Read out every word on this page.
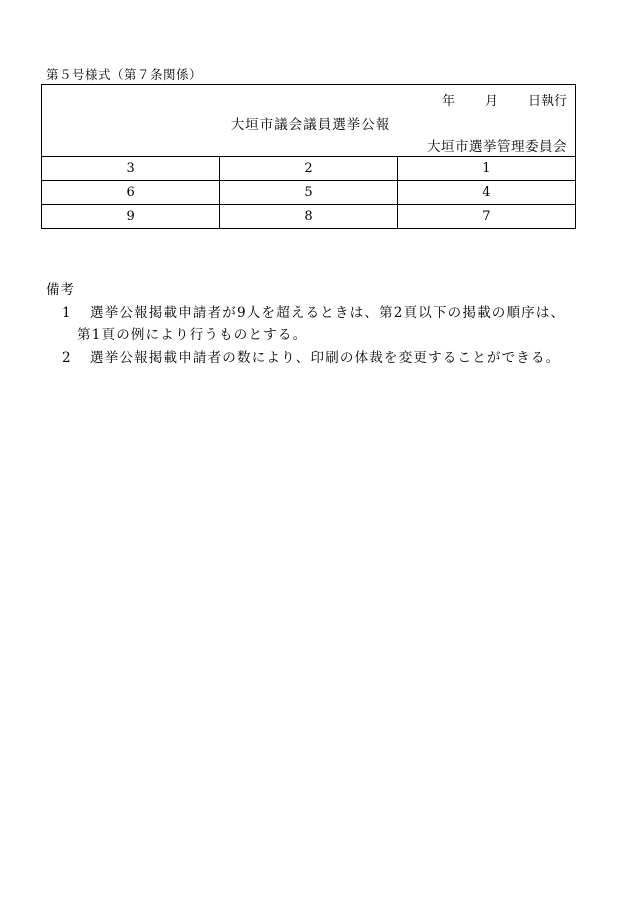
第５号様式（第７条関係）
年 月 日執行
大垣市議会議員選挙公報
大垣市選挙管理委員会
3	2	1
6	5	4
9	8	7
備考
1 選挙公報掲載申請者が9人を超えるときは、第2頁以下の掲載の順序は、
第1頁の例により行うものとする。
2 選挙公報掲載申請者の数により、印刷の体裁を変更することができる。
